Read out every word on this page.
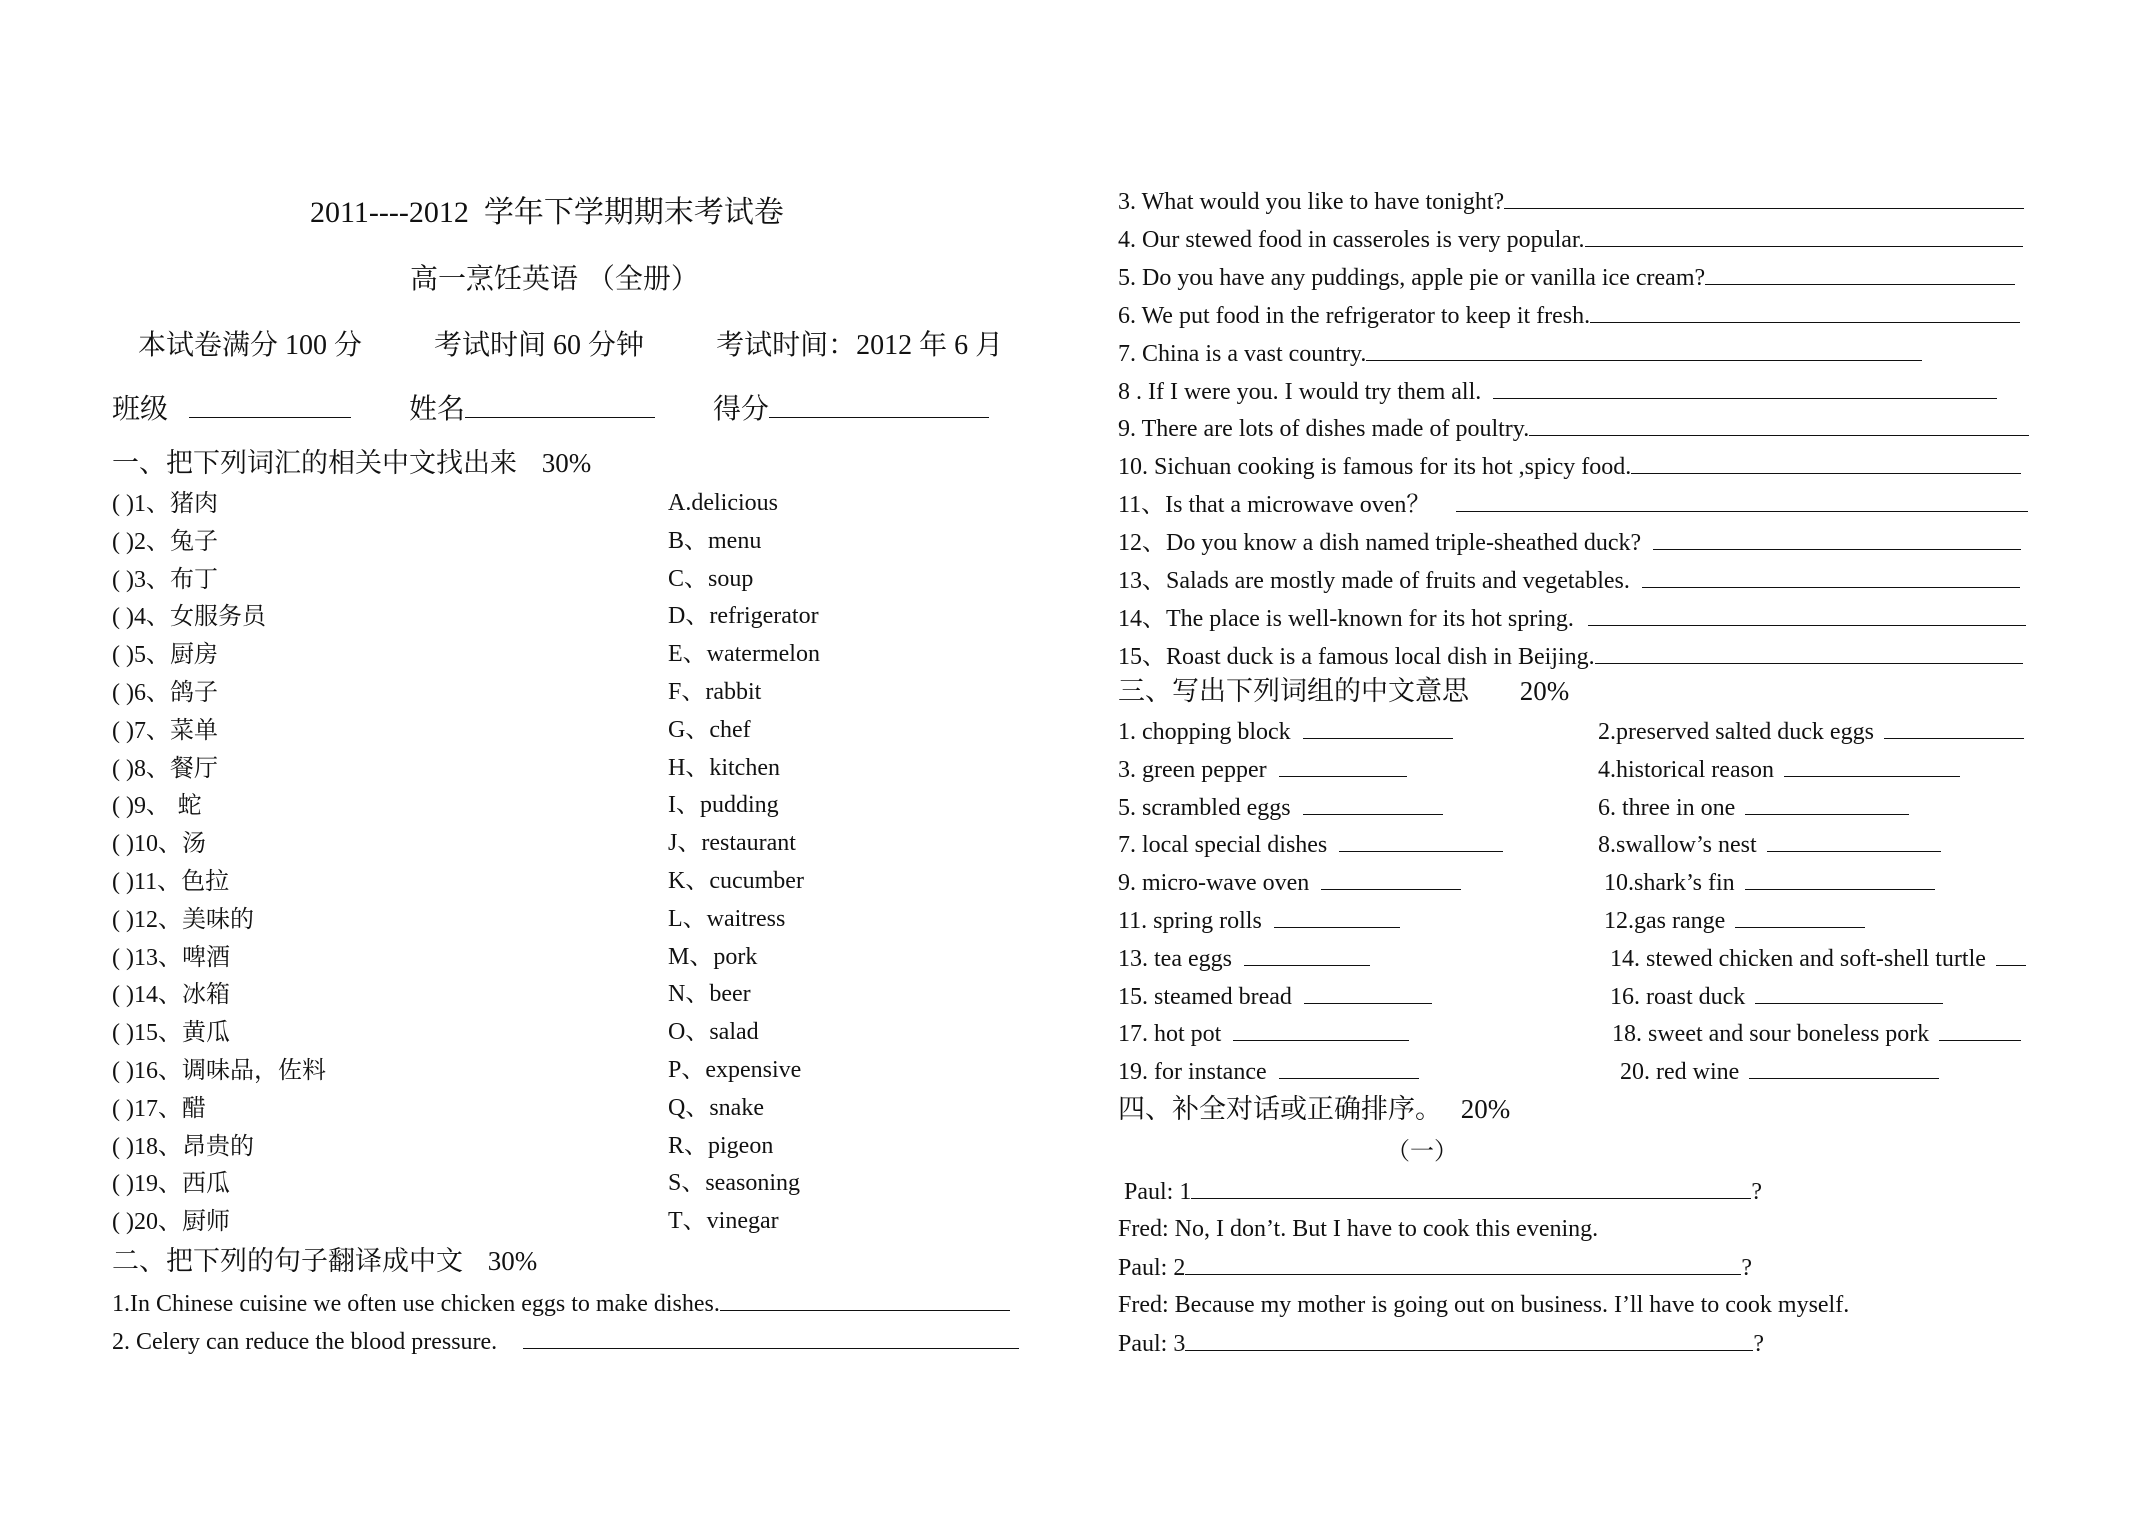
2011----2012 学年下学期期末考试卷
高一烹饪英语 （全册）
本试卷满分 100 分	考试时间 60 分钟	考试时间：2012 年 6 月
班级	姓名	得分
一、把下列词汇的相关中文找出来 30%
( )1、猪肉	A.delicious
( )2、兔子	B、menu
( )3、布丁	C、soup
( )4、女服务员	D、refrigerator
( )5、厨房	E、watermelon
( )6、鸽子	F、rabbit
( )7、菜单	G、chef
( )8、餐厅	H、kitchen
( )9、 蛇	I、pudding
( )10、汤	J、restaurant
( )11、色拉	K、cucumber
( )12、美味的	L、waitress
( )13、啤酒	M、pork
( )14、冰箱	N、beer
( )15、黄瓜	O、salad
( )16、调味品，佐料	P、expensive
( )17、醋	Q、snake
( )18、昂贵的	R、pigeon
( )19、西瓜	S、seasoning
( )20、厨师	T、vinegar
二、把下列的句子翻译成中文 30%
1.In Chinese cuisine we often use chicken eggs to make dishes.
2. Celery can reduce the blood pressure.
3. What would you like to have tonight?
4. Our stewed food in casseroles is very popular.
5. Do you have any puddings, apple pie or vanilla ice cream?
6. We put food in the refrigerator to keep it fresh.
7. China is a vast country.
8 . If I were you. I would try them all.
9. There are lots of dishes made of poultry.
10. Sichuan cooking is famous for its hot ,spicy food.
11、Is that a microwave oven？
12、Do you know a dish named triple-sheathed duck?
13、Salads are mostly made of fruits and vegetables.
14、The place is well-known for its hot spring.
15、Roast duck is a famous local dish in Beijing.
三、写出下列词组的中文意思 20%
1. chopping block	2.preserved salted duck eggs
3. green pepper	4.historical reason
5. scrambled eggs	6. three in one
7. local special dishes	8.swallow’s nest
9. micro-wave oven	10.shark’s fin
11. spring rolls	12.gas range
13. tea eggs	14. stewed chicken and soft-shell turtle
15. steamed bread	16. roast duck
17. hot pot	18. sweet and sour boneless pork
19. for instance	20. red wine
四、补全对话或正确排序。 20%
（一）
Paul: 1	?
Fred: No, I don’t. But I have to cook this evening.
Paul: 2	?
Fred: Because my mother is going out on business. I’ll have to cook myself.
Paul: 3	?
